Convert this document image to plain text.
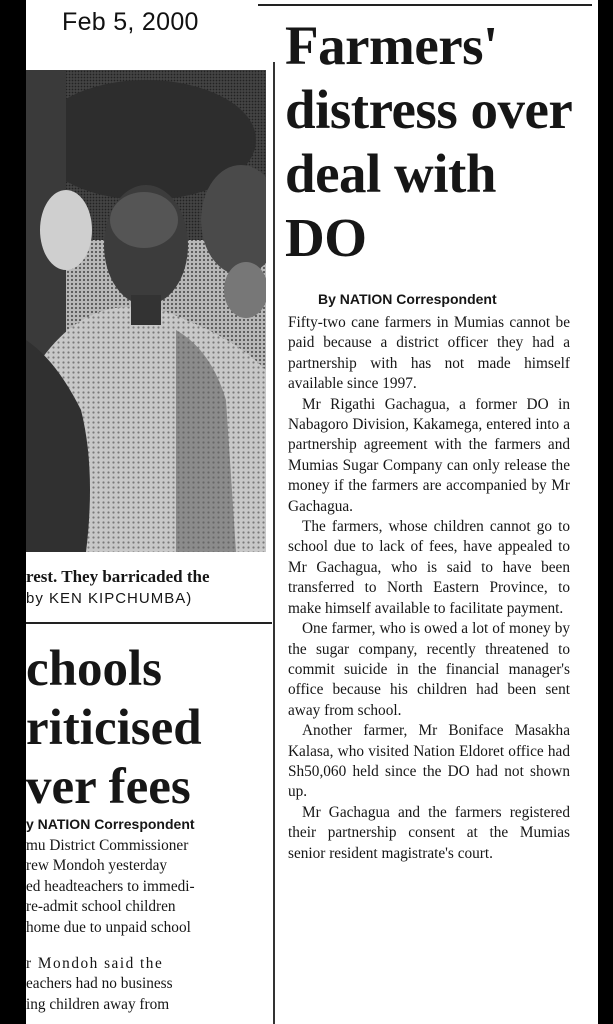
Feb 5, 2000
rest. They barricaded the
by KEN KIPCHUMBA)
Farmers' distress over deal with DO
By NATION Correspondent

Fifty-two cane farmers in Mumias cannot be paid because a district officer they had a partnership with has not made himself available since 1997.

Mr Rigathi Gachagua, a former DO in Nabagoro Division, Kakamega, entered into a partnership agreement with the farmers and Mumias Sugar Company can only release the money if the farmers are accompanied by Mr Gachagua.

The farmers, whose children cannot go to school due to lack of fees, have appealed to Mr Gachagua, who is said to have been transferred to North Eastern Province, to make himself available to facilitate payment.

One farmer, who is owed a lot of money by the sugar company, recently threatened to commit suicide in the financial manager's office because his children had been sent away from school.

Another farmer, Mr Boniface Masakha Kalasa, who visited Nation Eldoret office had Sh50,060 held since the DO had not shown up.

Mr Gachagua and the farmers registered their partnership consent at the Mumias senior resident magistrate's court.

chools
riticised
ver fees
y NATION Correspondent

mu District Commissioner

rew Mondoh yesterday

ed headteachers to immedi-

re-admit school children

home due to unpaid school

r Mondoh said the

eachers had no business

ing children away from
